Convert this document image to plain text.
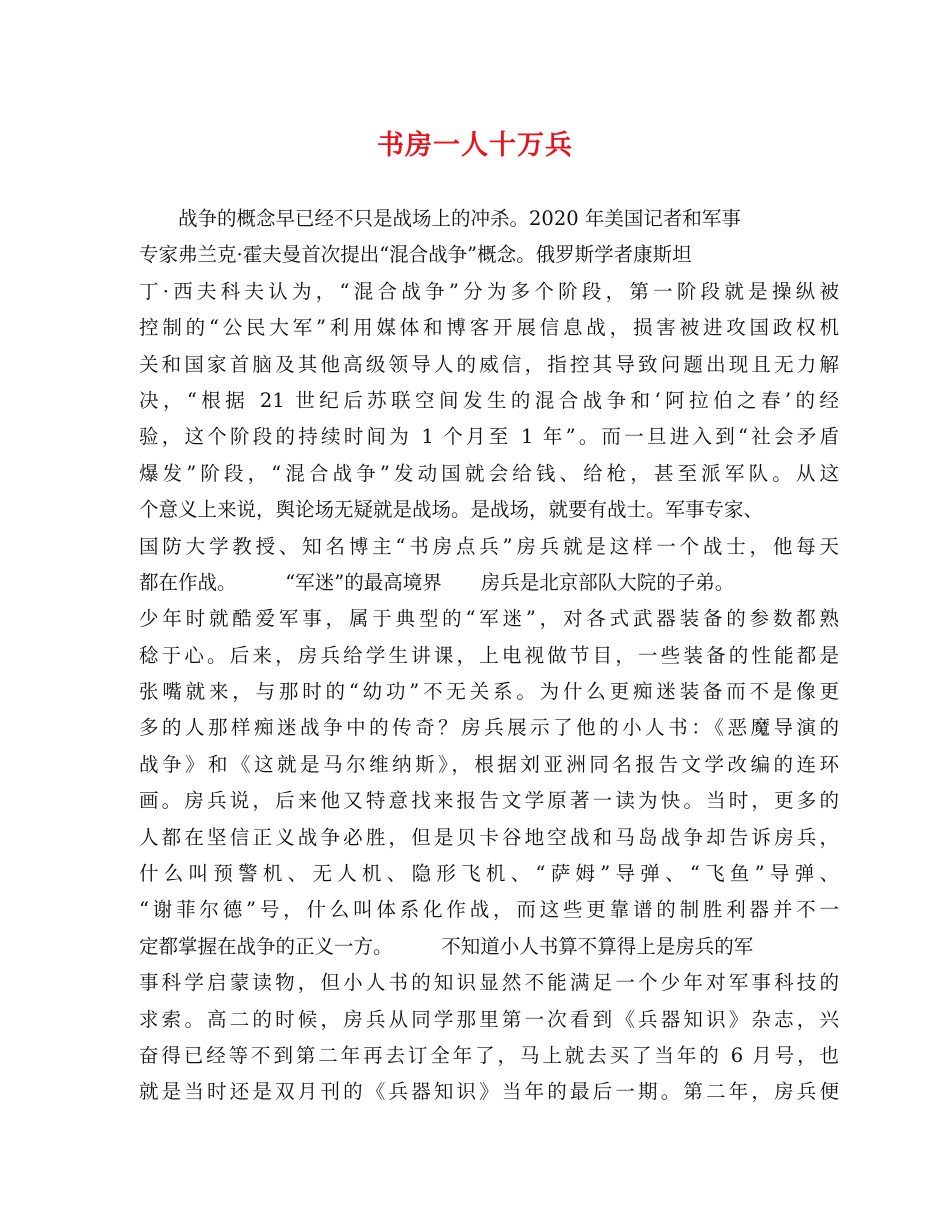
书房一人十万兵
　　战争的概念早已经不只是战场上的冲杀。2020 年美国记者和军事
专家弗兰克·霍夫曼首次提出“混合战争”概念。俄罗斯学者康斯坦
丁·西夫科夫认为，“混合战争”分为多个阶段，第一阶段就是操纵被
控制的“公民大军”利用媒体和博客开展信息战，损害被进攻国政权机
关和国家首脑及其他高级领导人的威信，指控其导致问题出现且无力解
决，“根据 21 世纪后苏联空间发生的混合战争和‘阿拉伯之春’的经
验，这个阶段的持续时间为 1 个月至 1 年”。而一旦进入到“社会矛盾
爆发”阶段，“混合战争”发动国就会给钱、给枪，甚至派军队。从这
个意义上来说，舆论场无疑就是战场。是战场，就要有战士。军事专家、
国防大学教授、知名博主“书房点兵”房兵就是这样一个战士，他每天
都在作战。　　　“军迷”的最高境界　　房兵是北京部队大院的子弟。
少年时就酷爱军事，属于典型的“军迷”，对各式武器装备的参数都熟
稔于心。后来，房兵给学生讲课，上电视做节目，一些装备的性能都是
张嘴就来，与那时的“幼功”不无关系。为什么更痴迷装备而不是像更
多的人那样痴迷战争中的传奇？房兵展示了他的小人书：《恶魔导演的
战争》和《这就是马尔维纳斯》，根据刘亚洲同名报告文学改编的连环
画。房兵说，后来他又特意找来报告文学原著一读为快。当时，更多的
人都在坚信正义战争必胜，但是贝卡谷地空战和马岛战争却告诉房兵，
什么叫预警机、无人机、隐形飞机、“萨姆”导弹、“飞鱼”导弹、
“谢菲尔德”号，什么叫体系化作战，而这些更靠谱的制胜利器并不一
定都掌握在战争的正义一方。　　　不知道小人书算不算得上是房兵的军
事科学启蒙读物，但小人书的知识显然不能满足一个少年对军事科技的
求索。高二的时候，房兵从同学那里第一次看到《兵器知识》杂志，兴
奋得已经等不到第二年再去订全年了，马上就去买了当年的 6 月号，也
就是当时还是双月刊的《兵器知识》当年的最后一期。第二年，房兵便
